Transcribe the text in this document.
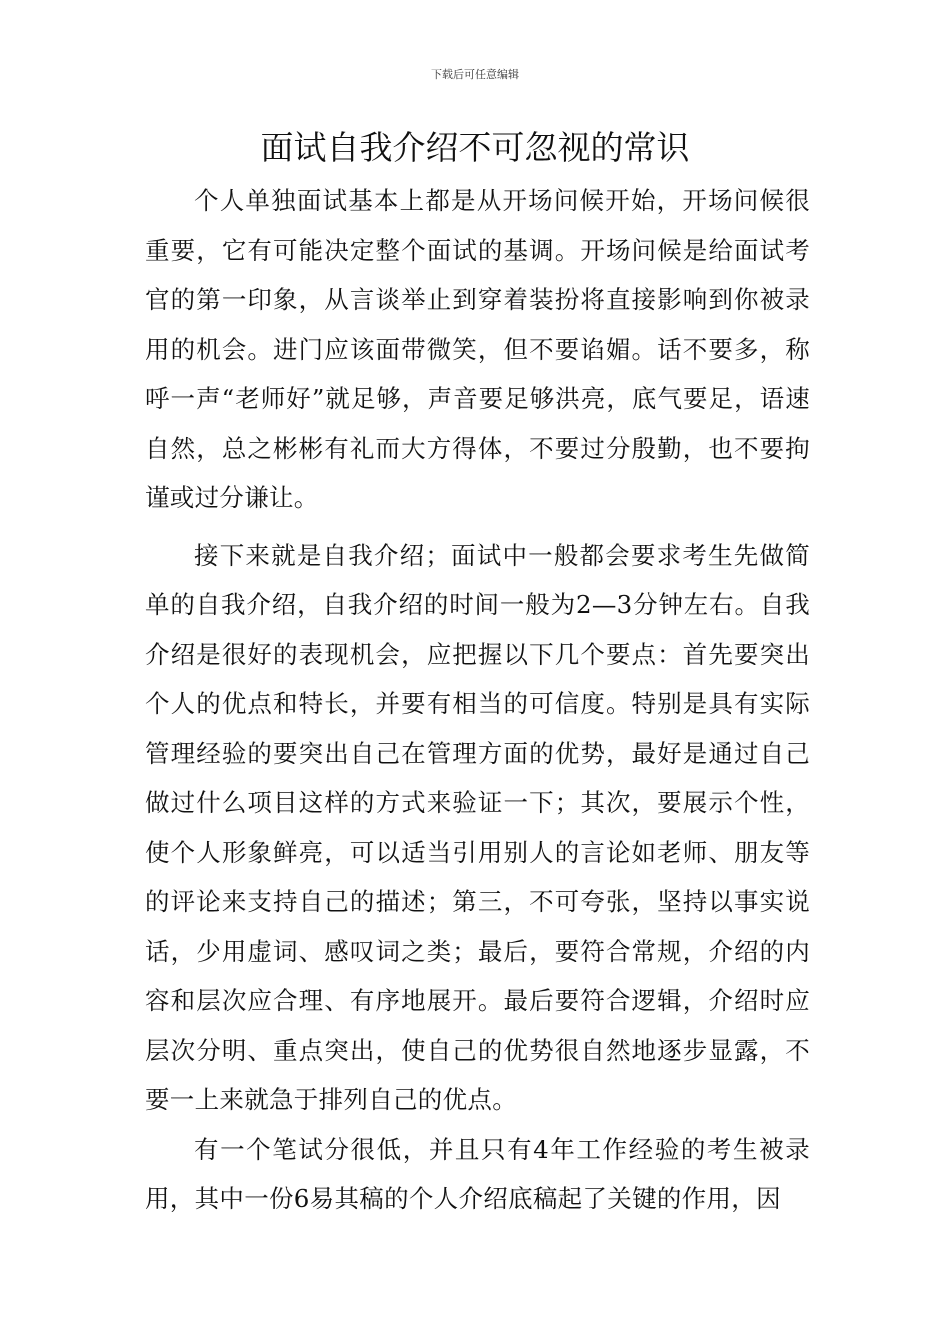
下载后可任意编辑
面试自我介绍不可忽视的常识

个人单独面试基本上都是从开场问候开始，开场问候很重要，它有可能决定整个面试的基调。开场问候是给面试考官的第一印象，从言谈举止到穿着装扮将直接影响到你被录用的机会。进门应该面带微笑，但不要谄媚。话不要多，称呼一声“老师好”就足够，声音要足够洪亮，底气要足，语速自然，总之彬彬有礼而大方得体，不要过分殷勤，也不要拘谨或过分谦让。

接下来就是自我介绍；面试中一般都会要求考生先做简单的自我介绍，自我介绍的时间一般为2—3分钟左右。自我介绍是很好的表现机会，应把握以下几个要点：首先要突出个人的优点和特长，并要有相当的可信度。特别是具有实际管理经验的要突出自己在管理方面的优势，最好是通过自己做过什么项目这样的方式来验证一下；其次，要展示个性，使个人形象鲜亮，可以适当引用别人的言论如老师、朋友等的评论来支持自己的描述；第三，不可夸张，坚持以事实说话，少用虚词、感叹词之类；最后，要符合常规，介绍的内容和层次应合理、有序地展开。最后要符合逻辑，介绍时应层次分明、重点突出，使自己的优势很自然地逐步显露，不要一上来就急于排列自己的优点。

有一个笔试分很低，并且只有4年工作经验的考生被录用，其中一份6易其稿的个人介绍底稿起了关键的作用，因
